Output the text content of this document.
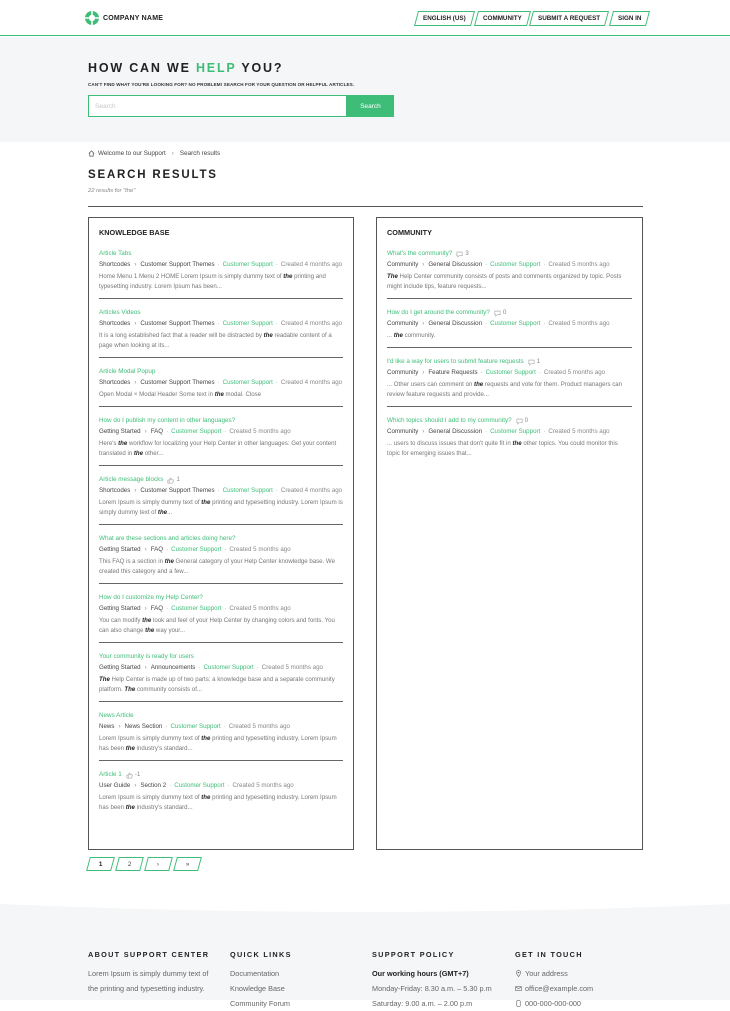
COMPANY NAME	ENGLISH (US)	COMMUNITY	SUBMIT A REQUEST	SIGN IN
HOW CAN WE HELP YOU?
CAN'T FIND WHAT YOU'RE LOOKING FOR? NO PROBLEM! SEARCH FOR YOUR QUESTION OR HELPFUL ARTICLES.
Search
Search
Welcome to our Support › Search results
SEARCH RESULTS
22 results for "the"
KNOWLEDGE BASE
Article Tabs
Shortcodes › Customer Support Themes · Customer Support · Created 4 months ago
Home Menu 1 Menu 2 HOME Lorem Ipsum is simply dummy text of the printing and typesetting industry. Lorem Ipsum has been...
Articles Videos
Shortcodes › Customer Support Themes · Customer Support · Created 4 months ago
It is a long established fact that a reader will be distracted by the readable content of a page when looking at its...
Article Modal Popup
Shortcodes › Customer Support Themes · Customer Support · Created 4 months ago
Open Modal × Modal Header Some text in the modal. Close
How do I publish my content in other languages?
Getting Started › FAQ · Customer Support · Created 5 months ago
Here's the workflow for localizing your Help Center in other languages: Get your content translated in the other...
Article message blocks 1
Shortcodes › Customer Support Themes · Customer Support · Created 4 months ago
Lorem Ipsum is simply dummy text of the printing and typesetting industry. Lorem Ipsum is simply dummy text of the...
What are these sections and articles doing here?
Getting Started › FAQ · Customer Support · Created 5 months ago
This FAQ is a section in the General category of your Help Center knowledge base. We created this category and a few...
How do I customize my Help Center?
Getting Started › FAQ · Customer Support · Created 5 months ago
You can modify the look and feel of your Help Center by changing colors and fonts. You can also change the way your...
Your community is ready for users
Getting Started › Announcements · Customer Support · Created 5 months ago
The Help Center is made up of two parts: a knowledge base and a separate community platform. The community consists of...
News Article
News › News Section · Customer Support · Created 5 months ago
Lorem Ipsum is simply dummy text of the printing and typesetting industry. Lorem Ipsum has been the industry's standard...
Article 1 -1
User Guide › Section 2 · Customer Support · Created 5 months ago
Lorem Ipsum is simply dummy text of the printing and typesetting industry. Lorem Ipsum has been the industry's standard...
COMMUNITY
What's the community? 3
Community › General Discussion · Customer Support · Created 5 months ago
The Help Center community consists of posts and comments organized by topic. Posts might include tips, feature requests...
How do I get around the community? 0
Community › General Discussion · Customer Support · Created 5 months ago
... the community.
I'd like a way for users to submit feature requests 1
Community › Feature Requests · Customer Support · Created 5 months ago
... Other users can comment on the requests and vote for them. Product managers can review feature requests and provide...
Which topics should I add to my community? 0
Community › General Discussion · Customer Support · Created 5 months ago
... users to discuss issues that don't quite fit in the other topics. You could monitor this topic for emerging issues that...
1	2	›	»
ABOUT SUPPORT CENTER
Lorem Ipsum is simply dummy text of
the printing and typesetting industry.
QUICK LINKS
Documentation
Knowledge Base
Community Forum
SUPPORT POLICY
Our working hours (GMT+7)
Monday-Friday: 8.30 a.m. – 5.30 p.m
Saturday: 9.00 a.m. – 2.00 p.m
GET IN TOUCH
Your address
office@example.com
000-000-000-000
